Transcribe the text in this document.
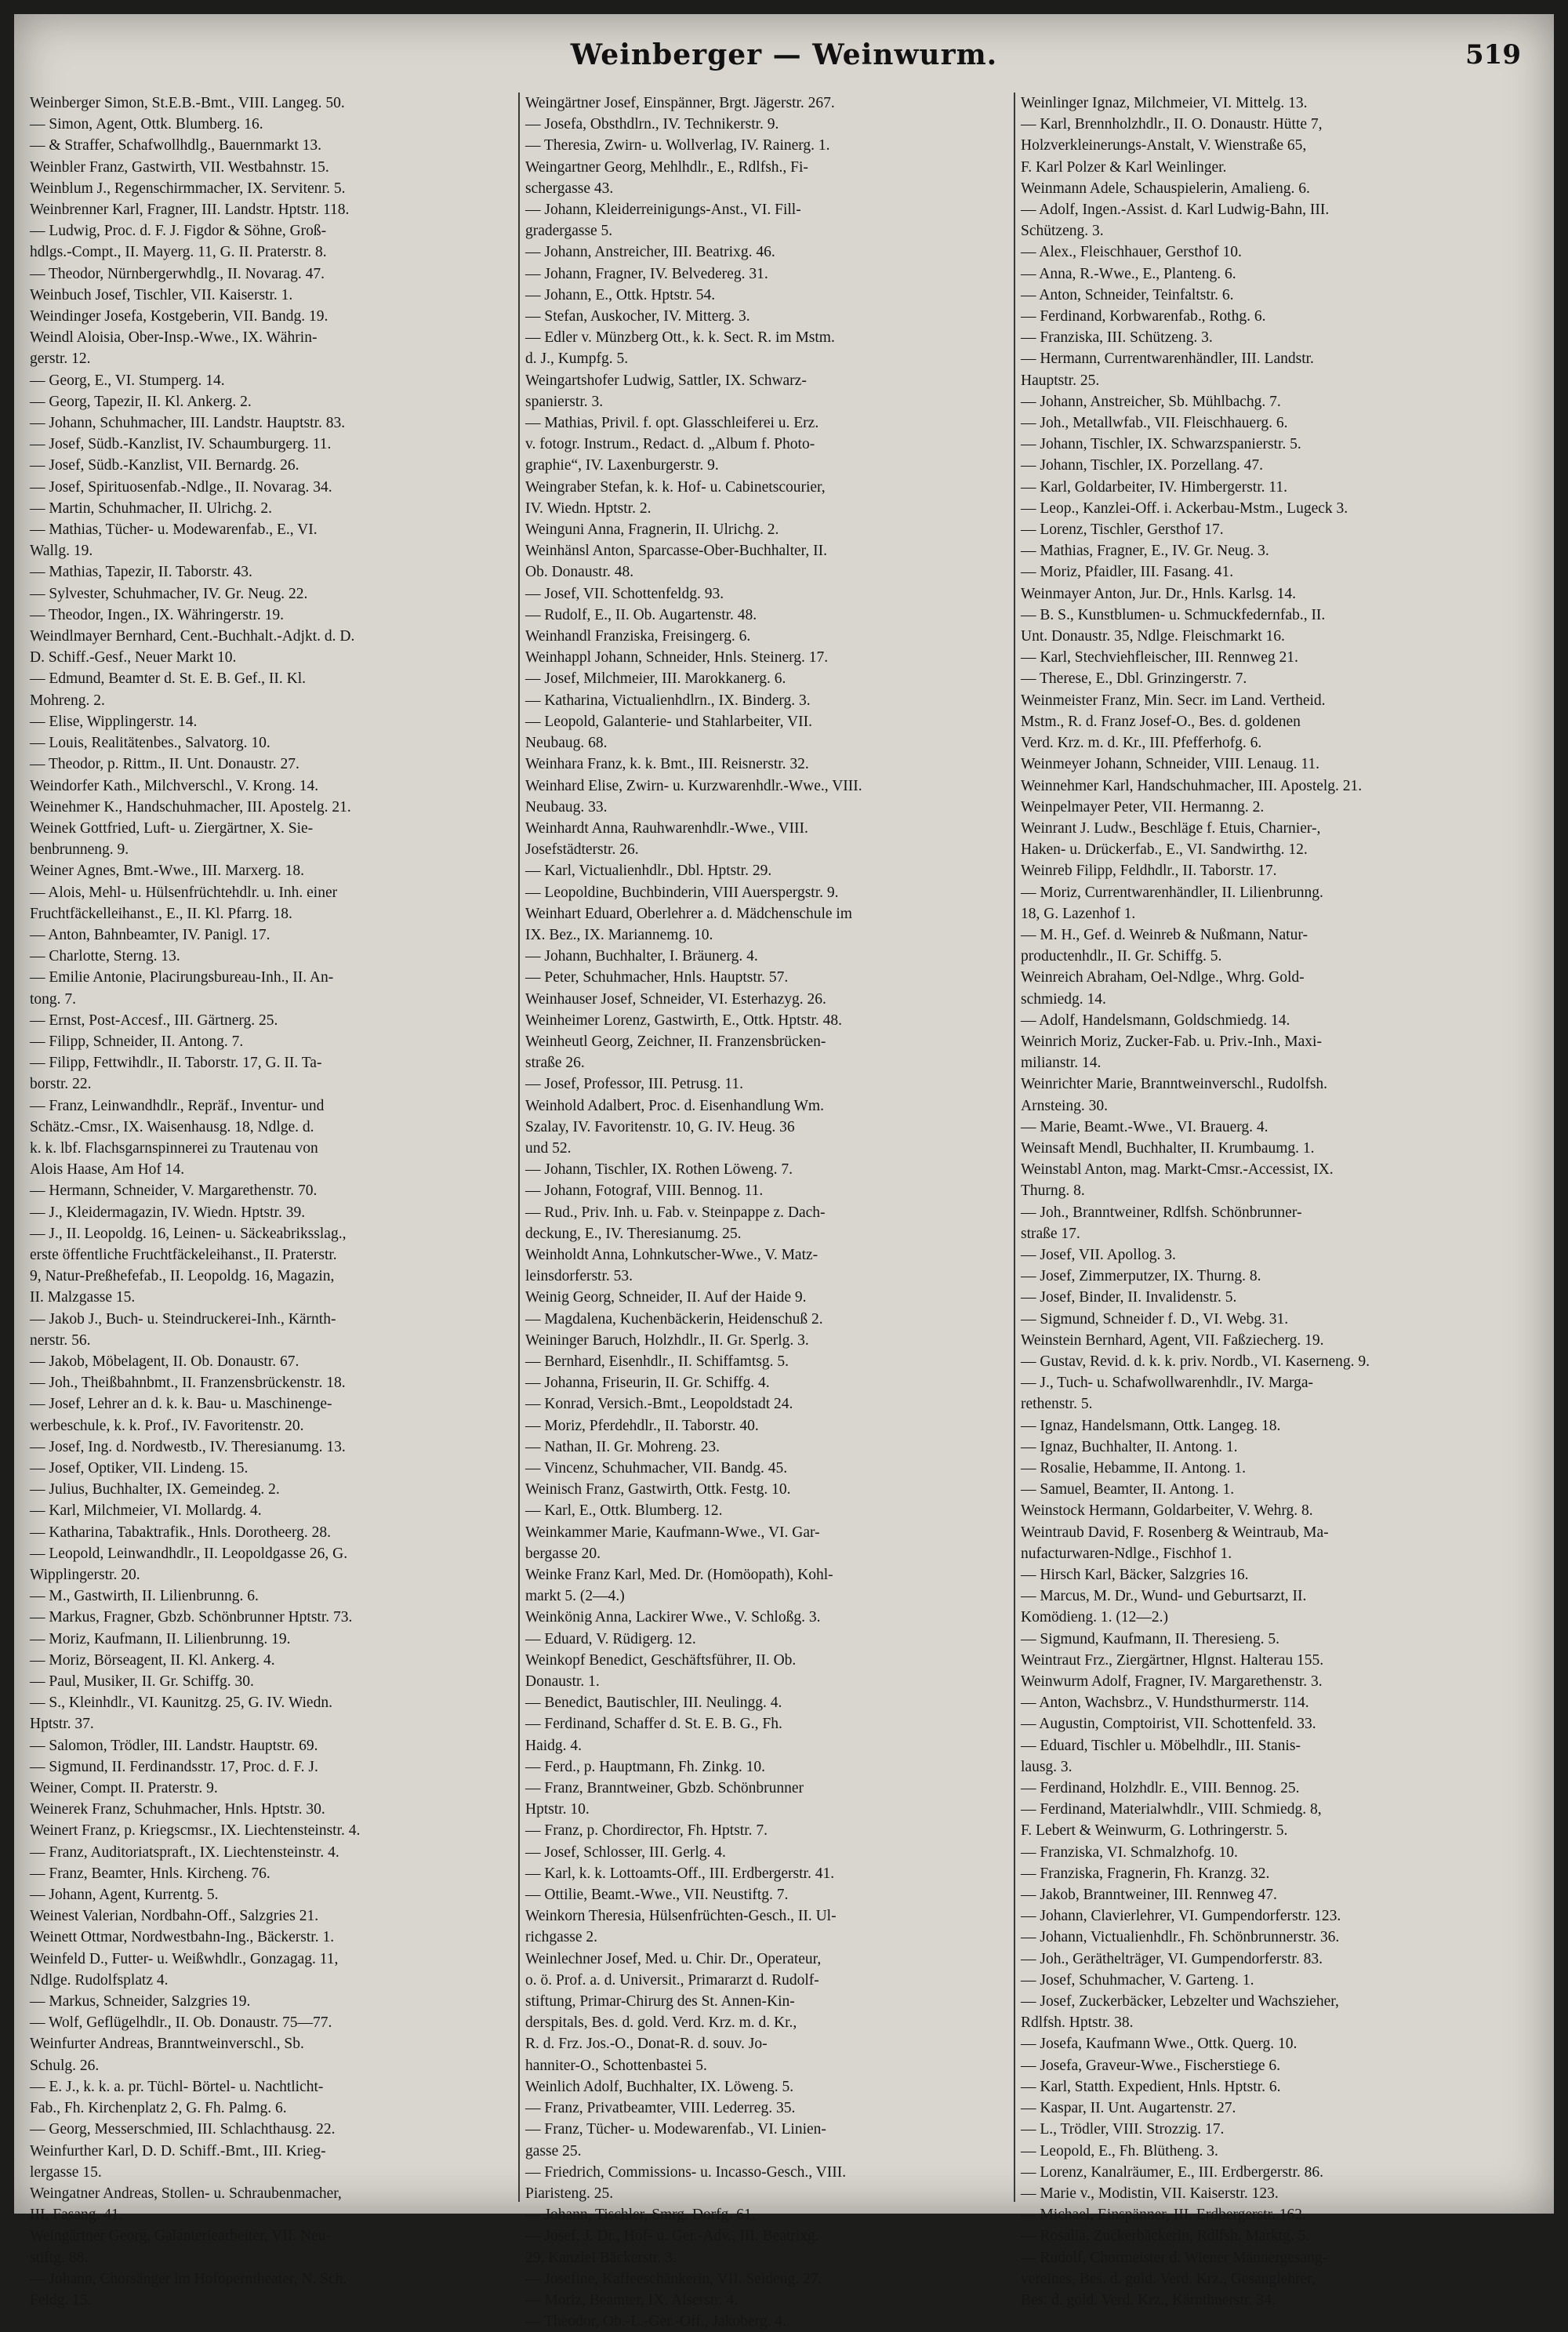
Weinberger — Weinwurm.	519
Weinberger Simon, St.E.B.-Bmt., VIII. Langeg. 50.
— Simon, Agent, Ottk. Blumberg. 16.
— & Straffer, Schafwollhdlg., Bauernmarkt 13.
Weinbler Franz, Gastwirth, VII. Westbahnstr. 15.
Weinblum J., Regenschirmmacher, IX. Servitenг. 5.
Weinbrenner Karl, Fragner, III. Landstr. Hptstr. 118.
— Ludwig, Proc. d. F. J. Figdor & Söhne, Groß-
hdlgs.-Compt., II. Mayerg. 11, G. II. Praterstr. 8.
— Theodor, Nürnbergerwhdlg., II. Novarag. 47.
Weinbuch Josef, Tischler, VII. Kaiserstr. 1.
Weindinger Josefa, Kostgeberin, VII. Bandg. 19.
Weindl Aloisia, Ober-Insp.-Wwe., IX. Währin-
gerstr. 12.
— Georg, E., VI. Stumperg. 14.
— Georg, Tapezir, II. Kl. Ankerg. 2.
— Johann, Schuhmacher, III. Landstr. Hauptstr. 83.
— Josef, Südb.-Kanzlist, IV. Schaumburgerg. 11.
— Josef, Südb.-Kanzlist, VII. Bernardg. 26.
— Josef, Spirituosenfab.-Ndlge., II. Novarag. 34.
— Martin, Schuhmacher, II. Ulrichg. 2.
— Mathias, Tücher- u. Modewarenfab., E., VI.
Wallg. 19.
— Mathias, Tapezir, II. Taborstr. 43.
— Sylvester, Schuhmacher, IV. Gr. Neug. 22.
— Theodor, Ingen., IX. Währingerstr. 19.
Weindlmayer Bernhard, Cent.-Buchhalt.-Adjkt. d. D.
D. Schiff.-Gesf., Neuer Markt 10.
— Edmund, Beamter d. St. E. B. Gef., II. Kl.
Mohreng. 2.
— Elise, Wipplingerstr. 14.
— Louis, Realitätenbes., Salvatorg. 10.
— Theodor, p. Rittm., II. Unt. Donaustr. 27.
Weindorfer Kath., Milchverschl., V. Krong. 14.
Weinehmer K., Handschuhmacher, III. Apostelg. 21.
Weinek Gottfried, Luft- u. Ziergärtner, X. Sie-
benbrunneng. 9.
Weiner Agnes, Bmt.-Wwe., III. Marxerg. 18.
— Alois, Mehl- u. Hülsenfrüchtehdlr. u. Inh. einer
Fruchtfäckelleihanst., E., II. Kl. Pfarrg. 18.
— Anton, Bahnbeamter, IV. Panigl. 17.
— Charlotte, Sterng. 13.
— Emilie Antonie, Placirungsbureau-Inh., II. An-
tong. 7.
— Ernst, Post-Accesf., III. Gärtnerg. 25.
— Filipp, Schneider, II. Antong. 7.
— Filipp, Fettwihdlr., II. Taborstr. 17, G. II. Ta-
borstr. 22.
— Franz, Leinwandhdlr., Repräf., Inventur- und
Schätz.-Cmsr., IX. Waisenhausg. 18, Ndlge. d.
k. k. lbf. Flachsgarnspinnerei zu Trautenau von
Alois Haase, Am Hof 14.
— Hermann, Schneider, V. Margarethenstr. 70.
— J., Kleidermagazin, IV. Wiedn. Hptstr. 39.
— J., II. Leopoldg. 16, Leinen- u. Säckeabriksslag.,
erste öffentliche Fruchtfäckeleihanst., II. Praterstr.
9, Natur-Preßhefefab., II. Leopoldg. 16, Magazin,
II. Malzgasse 15.
— Jakob J., Buch- u. Steindruckerei-Inh., Kärnth-
nerstr. 56.
— Jakob, Möbelagent, II. Ob. Donaustr. 67.
— Joh., Theißbahnbmt., II. Franzensbrückenstr. 18.
— Josef, Lehrer an d. k. k. Bau- u. Maschinenge-
werbeschule, k. k. Prof., IV. Favoritenstr. 20.
— Josef, Ing. d. Nordwestb., IV. Theresianumg. 13.
— Josef, Optiker, VII. Lindeng. 15.
— Julius, Buchhalter, IX. Gemeindeg. 2.
— Karl, Milchmeier, VI. Mollardg. 4.
— Katharina, Tabaktrafik., Hnls. Dorotheerg. 28.
— Leopold, Leinwandhdlr., II. Leopoldgasse 26, G.
Wipplingerstr. 20.
— M., Gastwirth, II. Lilienbrunng. 6.
— Markus, Fragner, Gbzb. Schönbrunner Hptstr. 73.
— Moriz, Kaufmann, II. Lilienbrunng. 19.
— Moriz, Börseagent, II. Kl. Ankerg. 4.
— Paul, Musiker, II. Gr. Schiffg. 30.
— S., Kleinhdlr., VI. Kaunitzg. 25, G. IV. Wiedn.
Hptstr. 37.
— Salomon, Trödler, III. Landstr. Hauptstr. 69.
— Sigmund, II. Ferdinandsstr. 17, Proc. d. F. J.
Weiner, Compt. II. Praterstr. 9.
Weinerek Franz, Schuhmacher, Hnls. Hptstr. 30.
Weinert Franz, p. Kriegscmsr., IX. Liechtensteinstr. 4.
— Franz, Auditoriatspraft., IX. Liechtensteinstr. 4.
— Franz, Beamter, Hnls. Kircheng. 76.
— Johann, Agent, Kurrentg. 5.
Weinest Valerian, Nordbahn-Off., Salzgries 21.
Weinett Ottmar, Nordwestbahn-Ing., Bäckerstr. 1.
Weinfeld D., Futter- u. Weißwhdlr., Gonzagag. 11,
Ndlge. Rudolfsplatz 4.
— Markus, Schneider, Salzgries 19.
— Wolf, Geflügelhdlr., II. Ob. Donaustr. 75—77.
Weinfurter Andreas, Branntweinverschl., Sb.
Schulg. 26.
— E. J., k. k. a. pr. Tüchl- Börtel- u. Nachtlicht-
Fab., Fh. Kirchenplatz 2, G. Fh. Palmg. 6.
— Georg, Messerschmied, III. Schlachthausg. 22.
Weinfurther Karl, D. D. Schiff.-Bmt., III. Krieg-
lergasse 15.
Weingatner Andreas, Stollen- u. Schraubenmacher,
III. Fasang. 41.
Weingärtner Georg, Galanteriearbeiter, VII. Neu-
stiftg. 88.
— Johann, Chorsänger im Hofoperntheater, N. Sch.
Feldg. 15.
Weingärtner Josef, Einspänner, Brgt. Jägerstr. 267.
— Josefa, Obsthdlrn., IV. Technikerstr. 9.
— Theresia, Zwirn- u. Wollverlag, IV. Rainerg. 1.
Weingartner Georg, Mehlhdlr., E., Rdlfsh., Fi-
schergasse 43.
— Johann, Kleiderreinigungs-Anst., VI. Fill-
gradergasse 5.
— Johann, Anstreicher, III. Beatrixg. 46.
— Johann, Fragner, IV. Belvedereg. 31.
— Johann, E., Ottk. Hptstr. 54.
— Stefan, Auskocher, IV. Mitterg. 3.
— Edler v. Münzberg Ott., k. k. Sect. R. im Mstm.
d. J., Kumpfg. 5.
Weingartshofer Ludwig, Sattler, IX. Schwarz-
spanierstr. 3.
— Mathias, Privil. f. opt. Glasschleiferei u. Erz.
v. fotogr. Instrum., Redact. d. „Album f. Photo-
graphie“, IV. Laxenburgerstr. 9.
Weingraber Stefan, k. k. Hof- u. Cabinetscourier,
IV. Wiedn. Hptstr. 2.
Weinguni Anna, Fragnerin, II. Ulrichg. 2.
Weinhänsl Anton, Sparcasse-Ober-Buchhalter, II.
Ob. Donaustr. 48.
— Josef, VII. Schottenfeldg. 93.
— Rudolf, E., II. Ob. Augartenstr. 48.
Weinhandl Franziska, Freisingerg. 6.
Weinhappl Johann, Schneider, Hnls. Steinerg. 17.
— Josef, Milchmeier, III. Marokkanerg. 6.
— Katharina, Victualienhdlrn., IX. Binderg. 3.
— Leopold, Galanterie- und Stahlarbeiter, VII.
Neubaug. 68.
Weinhara Franz, k. k. Bmt., III. Reisnerstr. 32.
Weinhard Elise, Zwirn- u. Kurzwarenhdlr.-Wwe., VIII.
Neubaug. 33.
Weinhardt Anna, Rauhwarenhdlr.-Wwe., VIII.
Josefstädterstr. 26.
— Karl, Victualienhdlr., Dbl. Hptstr. 29.
— Leopoldine, Buchbinderin, VIII Auerspergstr. 9.
Weinhart Eduard, Oberlehrer a. d. Mädchenschule im
IX. Bez., IX. Mariannemg. 10.
— Johann, Buchhalter, I. Bräunerg. 4.
— Peter, Schuhmacher, Hnls. Hauptstr. 57.
Weinhauser Josef, Schneider, VI. Esterhazyg. 26.
Weinheimer Lorenz, Gastwirth, E., Ottk. Hptstr. 48.
Weinheutl Georg, Zeichner, II. Franzensbrücken-
straße 26.
— Josef, Professor, III. Petrusg. 11.
Weinhold Adalbert, Proc. d. Eisenhandlung Wm.
Szalay, IV. Favoritenstr. 10, G. IV. Heug. 36
und 52.
— Johann, Tischler, IX. Rothen Löweng. 7.
— Johann, Fotograf, VIII. Bennog. 11.
— Rud., Priv. Inh. u. Fab. v. Steinpappe z. Dach-
deckung, E., IV. Theresianumg. 25.
Weinholdt Anna, Lohnkutscher-Wwe., V. Matz-
leinsdorferstr. 53.
Weinig Georg, Schneider, II. Auf der Haide 9.
— Magdalena, Kuchenbäckerin, Heidenschuß 2.
Weininger Baruch, Holzhdlr., II. Gr. Sperlg. 3.
— Bernhard, Eisenhdlr., II. Schiffamtsg. 5.
— Johanna, Friseurin, II. Gr. Schiffg. 4.
— Konrad, Versich.-Bmt., Leopoldstadt 24.
— Moriz, Pferdehdlr., II. Taborstr. 40.
— Nathan, II. Gr. Mohreng. 23.
— Vincenz, Schuhmacher, VII. Bandg. 45.
Weinisch Franz, Gastwirth, Ottk. Festg. 10.
— Karl, E., Ottk. Blumberg. 12.
Weinkammer Marie, Kaufmann-Wwe., VI. Gar-
bergasse 20.
Weinke Franz Karl, Med. Dr. (Homöopath), Kohl-
markt 5. (2—4.)
Weinkönig Anna, Lackirer Wwe., V. Schloßg. 3.
— Eduard, V. Rüdigerg. 12.
Weinkopf Benedict, Geschäftsführer, II. Ob.
Donaustr. 1.
— Benedict, Bautischler, III. Neulingg. 4.
— Ferdinand, Schaffer d. St. E. B. G., Fh.
Haidg. 4.
— Ferd., p. Hauptmann, Fh. Zinkg. 10.
— Franz, Branntweiner, Gbzb. Schönbrunner
Hptstr. 10.
— Franz, p. Chordirector, Fh. Hptstr. 7.
— Josef, Schlosser, III. Gerlg. 4.
— Karl, k. k. Lottoamts-Off., III. Erdbergerstr. 41.
— Ottilie, Beamt.-Wwe., VII. Neustiftg. 7.
Weinkorn Theresia, Hülsenfrüchten-Gesch., II. Ul-
richgasse 2.
Weinlechner Josef, Med. u. Chir. Dr., Operateur,
o. ö. Prof. a. d. Universit., Primararzt d. Rudolf-
stiftung, Primar-Chirurg des St. Annen-Kin-
derspitals, Bes. d. gold. Verd. Krz. m. d. Kr.,
R. d. Frz. Jos.-O., Donat-R. d. souv. Jo-
hanniter-O., Schottenbastei 5.
Weinlich Adolf, Buchhalter, IX. Löweng. 5.
— Franz, Privatbeamter, VIII. Lederreg. 35.
— Franz, Tücher- u. Modewarenfab., VI. Linien-
gasse 25.
— Friedrich, Commissions- u. Incasso-Gesch., VIII.
Piaristeng. 25.
— Johann, Tischler, Smrg. Dorfg. 61.
— Josef, J. Dr., Hof- u. Ger.-Adv., III. Beatrixg.
29, Kanzlei Bäckerstr. 3.
— Josefine, Kaffeeschänkerin, VII. Seideng. 27.
— Moriz, Beamter, IX. Alserstr. 4.
— Theodor, Ob.-L.-Ger.-Off., Jakoberg. 4.
Weinlinger Ignaz, Milchmeier, VI. Mittelg. 13.
— Karl, Brennholzhdlr., II. O. Donaustr. Hütte 7,
Holzverkleinerungs-Anstalt, V. Wienstraße 65,
F. Karl Polzer & Karl Weinlinger.
Weinmann Adele, Schauspielerin, Amalieng. 6.
— Adolf, Ingen.-Assist. d. Karl Ludwig-Bahn, III.
Schützeng. 3.
— Alex., Fleischhauer, Gersthof 10.
— Anna, R.-Wwe., E., Planteng. 6.
— Anton, Schneider, Teinfaltstr. 6.
— Ferdinand, Korbwarenfab., Rothg. 6.
— Franziska, III. Schützeng. 3.
— Hermann, Currentwarenhändler, III. Landstr.
Hauptstr. 25.
— Johann, Anstreicher, Sb. Mühlbachg. 7.
— Joh., Metallwfab., VII. Fleischhauerg. 6.
— Johann, Tischler, IX. Schwarzspanierstr. 5.
— Johann, Tischler, IX. Porzellang. 47.
— Karl, Goldarbeiter, IV. Himbergerstr. 11.
— Leop., Kanzlei-Off. i. Ackerbau-Mstm., Lugeck 3.
— Lorenz, Tischler, Gersthof 17.
— Mathias, Fragner, E., IV. Gr. Neug. 3.
— Moriz, Pfaidler, III. Fasang. 41.
Weinmayer Anton, Jur. Dr., Hnls. Karlsg. 14.
— B. S., Kunstblumen- u. Schmuckfedernfab., II.
Unt. Donaustr. 35, Ndlge. Fleischmarkt 16.
— Karl, Stechviehfleischer, III. Rennweg 21.
— Therese, E., Dbl. Grinzingerstr. 7.
Weinmeister Franz, Min. Secr. im Land. Vertheid.
Mstm., R. d. Franz Josef-O., Bes. d. goldenen
Verd. Krz. m. d. Kr., III. Pfefferhofg. 6.
Weinmeyer Johann, Schneider, VIII. Lenaug. 11.
Weinnehmer Karl, Handschuhmacher, III. Apostelg. 21.
Weinpelmayer Peter, VII. Hermanng. 2.
Weinrant J. Ludw., Beschläge f. Etuis, Charnier-,
Haken- u. Drückerfab., E., VI. Sandwirthg. 12.
Weinreb Filipp, Feldhdlr., II. Taborstr. 17.
— Moriz, Currentwarenhändler, II. Lilienbrunng.
18, G. Lazenhof 1.
— M. H., Gef. d. Weinreb & Nußmann, Natur-
productenhdlr., II. Gr. Schiffg. 5.
Weinreich Abraham, Oel-Ndlge., Whrg. Gold-
schmiedg. 14.
— Adolf, Handelsmann, Goldschmiedg. 14.
Weinrich Moriz, Zucker-Fab. u. Priv.-Inh., Maxi-
milianstr. 14.
Weinrichter Marie, Branntweinverschl., Rudolfsh.
Arnsteing. 30.
— Marie, Beamt.-Wwe., VI. Brauerg. 4.
Weinsaft Mendl, Buchhalter, II. Krumbaumg. 1.
Weinstabl Anton, mag. Markt-Cmsr.-Accessist, IX.
Thurng. 8.
— Joh., Branntweiner, Rdlfsh. Schönbrunner-
straße 17.
— Josef, VII. Apollog. 3.
— Josef, Zimmerputzer, IX. Thurng. 8.
— Josef, Binder, II. Invalidenstr. 5.
— Sigmund, Schneider f. D., VI. Webg. 31.
Weinstein Bernhard, Agent, VII. Faßziecherg. 19.
— Gustav, Revid. d. k. k. priv. Nordb., VI. Kaserneng. 9.
— J., Tuch- u. Schafwollwarenhdlr., IV. Marga-
rethenstr. 5.
— Ignaz, Handelsmann, Ottk. Langeg. 18.
— Ignaz, Buchhalter, II. Antong. 1.
— Rosalie, Hebamme, II. Antong. 1.
— Samuel, Beamter, II. Antong. 1.
Weinstock Hermann, Goldarbeiter, V. Wehrg. 8.
Weintraub David, F. Rosenberg & Weintraub, Ma-
nufacturwaren-Ndlge., Fischhof 1.
— Hirsch Karl, Bäcker, Salzgries 16.
— Marcus, M. Dr., Wund- und Geburtsarzt, II.
Komödieng. 1. (12—2.)
— Sigmund, Kaufmann, II. Theresieng. 5.
Weintraut Frz., Ziergärtner, Hlgnst. Halterau 155.
Weinwurm Adolf, Fragner, IV. Margarethenstr. 3.
— Anton, Wachsbrz., V. Hundsthurmerstr. 114.
— Augustin, Comptoirist, VII. Schottenfeld. 33.
— Eduard, Tischler u. Möbelhdlr., III. Stanis-
lausg. 3.
— Ferdinand, Holzhdlr. E., VIII. Bennog. 25.
— Ferdinand, Materialwhdlr., VIII. Schmiedg. 8,
F. Lebert & Weinwurm, G. Lothringerstr. 5.
— Franziska, VI. Schmalzhofg. 10.
— Franziska, Fragnerin, Fh. Kranzg. 32.
— Jakob, Branntweiner, III. Rennweg 47.
— Johann, Clavierlehrer, VI. Gumpendorferstr. 123.
— Johann, Victualienhdlr., Fh. Schönbrunnerstr. 36.
— Joh., Geräthelträger, VI. Gumpendorferstr. 83.
— Josef, Schuhmacher, V. Garteng. 1.
— Josef, Zuckerbäcker, Lebzelter und Wachszieher,
Rdlfsh. Hptstr. 38.
— Josefa, Kaufmann Wwe., Ottk. Querg. 10.
— Josefa, Graveur-Wwe., Fischerstiege 6.
— Karl, Statth. Expedient, Hnls. Hptstr. 6.
— Kaspar, II. Unt. Augartenstr. 27.
— L., Trödler, VIII. Strozzig. 17.
— Leopold, E., Fh. Blütheng. 3.
— Lorenz, Kanalräumer, E., III. Erdbergerstr. 86.
— Marie v., Modistin, VII. Kaiserstr. 123.
— Michael, Einspänner, III. Erdbergerstr. 162.
— Rosalia, Zuckerbäckerin, Rdlfsh. Marktg. 5.
— Rudolf, Chormeister d. Wiener Männergesang-
vereines, Bes. d. gold. Verd. Krz., Gesanglehrer,
Bes. d. gold. Verd. Krz., Kärnthnerstr. 34.
